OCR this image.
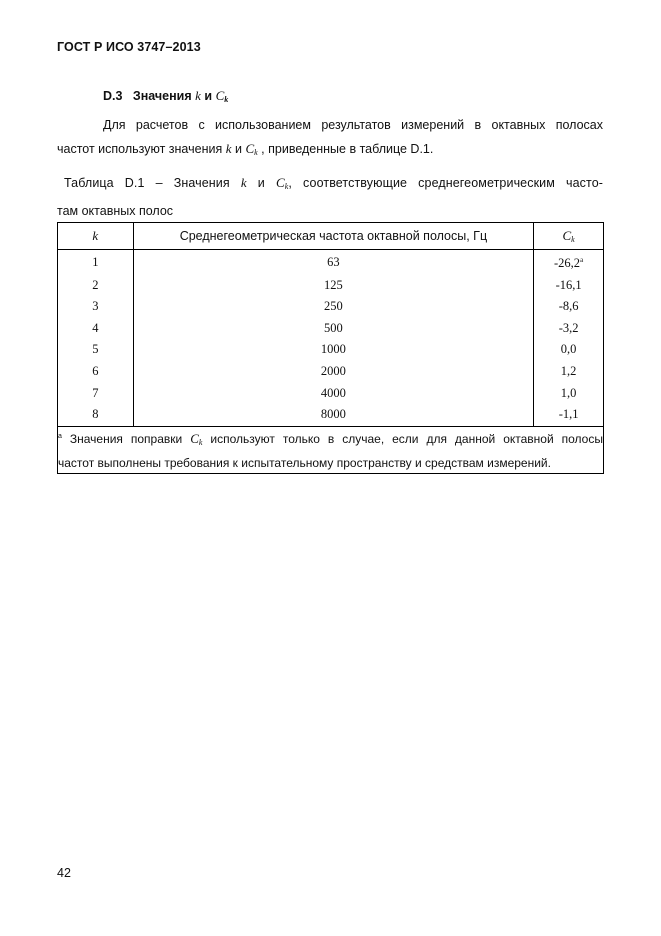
ГОСТ Р ИСО 3747–2013
D.3 Значения k и $C_k$
Для расчетов с использованием результатов измерений в октавных полосах
частот используют значения k и $C_k$ , приведенные в таблице D.1.
Таблица D.1 – Значения k и $C_k$, соответствующие среднегеометрическим часто-
там октавных полос
k	Среднегеометрическая частота октавной полосы, Гц	$C_k$
1	63	-26,2$^a$
2	125	-16,1
3	250	-8,6
4	500	-3,2
5	1000	0,0
6	2000	1,2
7	4000	1,0
8	8000	-1,1

$^a$ Значения поправки $C_k$ используют только в случае, если для данной октавной полосы
частот выполнены требования к испытательному пространству и средствам измерений.		
42
